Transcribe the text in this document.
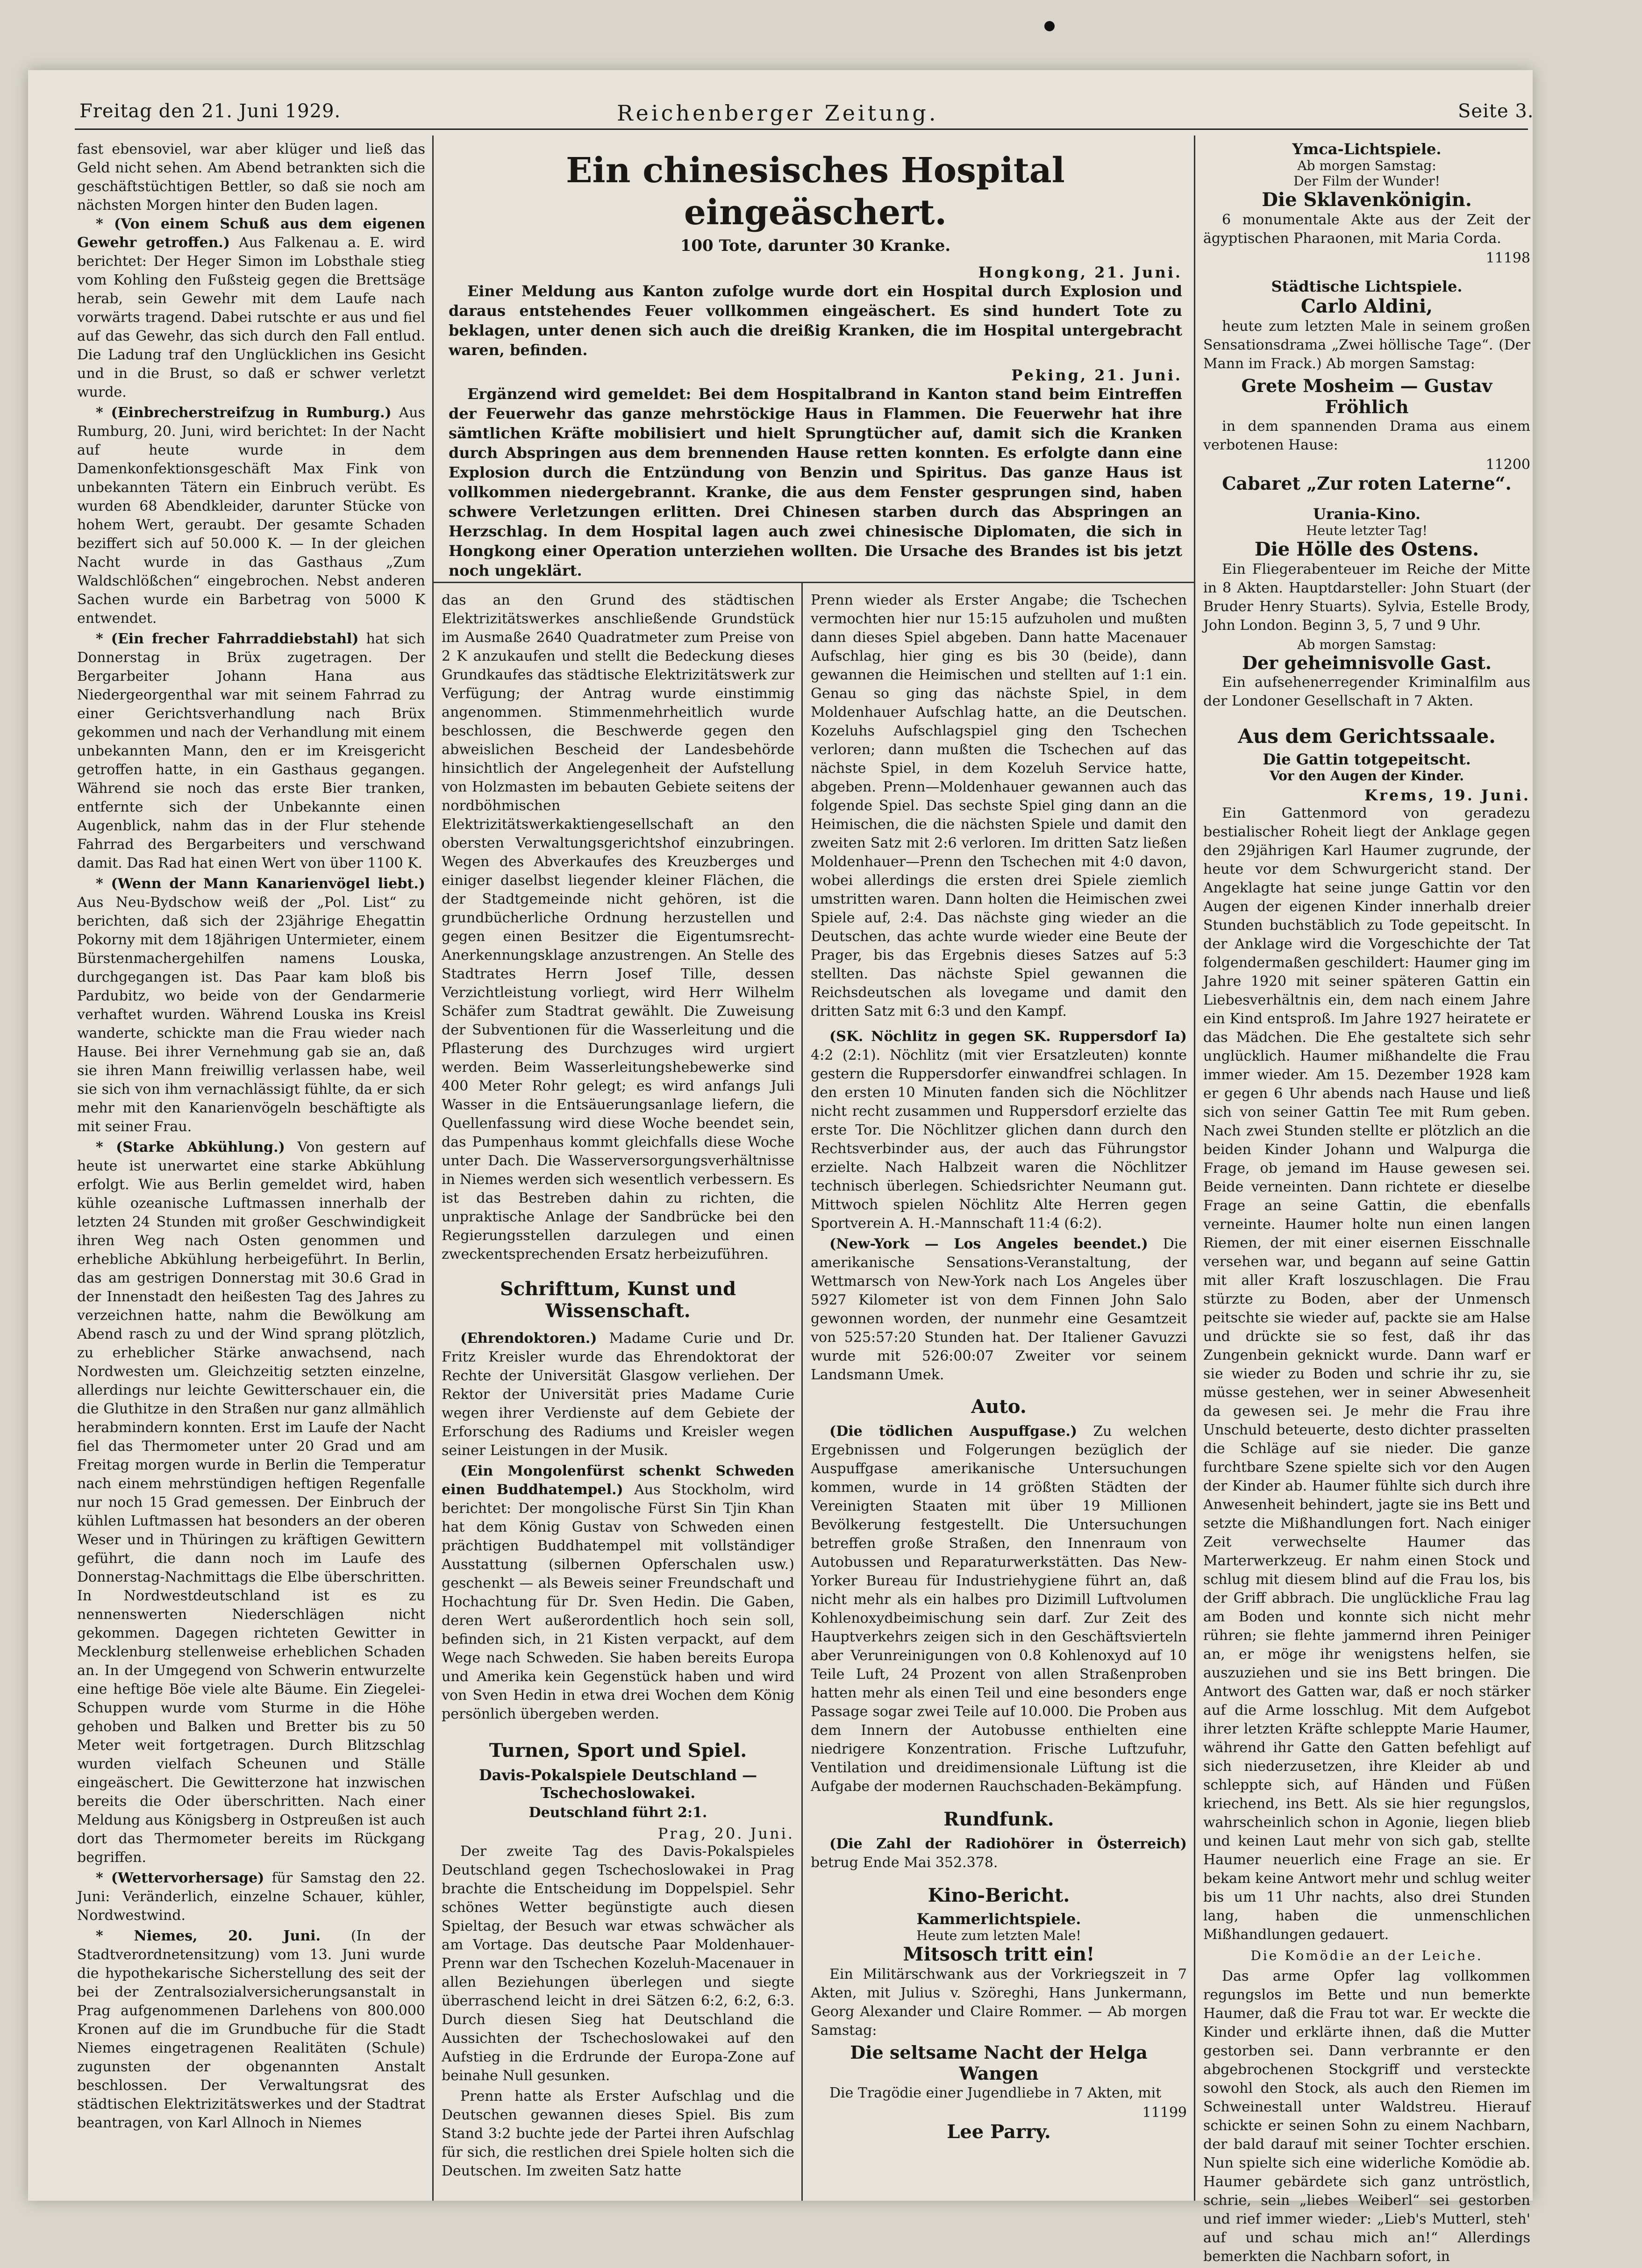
Freitag den 21. Juni 1929.	Reichenberger Zeitung.	Seite 3.

fast ebensoviel, war aber klüger und ließ das Geld nicht sehen. Am Abend betrankten sich die geschäftstüchtigen Bettler, so daß sie noch am nächsten Morgen hinter den Buden lagen.

* (Von einem Schuß aus dem eigenen Gewehr getroffen.) Aus Falkenau a. E. wird berichtet: Der Heger Simon im Lobsthale stieg vom Kohling den Fußsteig gegen die Brettsäge herab, sein Gewehr mit dem Laufe nach vorwärts tragend. Dabei rutschte er aus und fiel auf das Gewehr, das sich durch den Fall entlud. Die Ladung traf den Unglücklichen ins Gesicht und in die Brust, so daß er schwer verletzt wurde.

* (Einbrecherstreifzug in Rumburg.) Aus Rumburg, 20. Juni, wird berichtet: In der Nacht auf heute wurde in dem Damenkonfektionsgeschäft Max Fink von unbekannten Tätern ein Einbruch verübt. Es wurden 68 Abendkleider, darunter Stücke von hohem Wert, geraubt. Der gesamte Schaden beziffert sich auf 50.000 K. — In der gleichen Nacht wurde in das Gasthaus „Zum Waldschlößchen“ eingebrochen. Nebst anderen Sachen wurde ein Barbetrag von 5000 K entwendet.

* (Ein frecher Fahrraddiebstahl) hat sich Donnerstag in Brüx zugetragen. Der Bergarbeiter Johann Hana aus Niedergeorgenthal war mit seinem Fahrrad zu einer Gerichtsverhandlung nach Brüx gekommen und nach der Verhandlung mit einem unbekannten Mann, den er im Kreisgericht getroffen hatte, in ein Gasthaus gegangen. Während sie noch das erste Bier tranken, entfernte sich der Unbekannte einen Augenblick, nahm das in der Flur stehende Fahrrad des Bergarbeiters und verschwand damit. Das Rad hat einen Wert von über 1100 K.

* (Wenn der Mann Kanarienvögel liebt.) Aus Neu-Bydschow weiß der „Pol. List“ zu berichten, daß sich der 23jährige Ehegattin Pokorny mit dem 18jährigen Untermieter, einem Bürstenmachergehilfen namens Louska, durchgegangen ist. Das Paar kam bloß bis Pardubitz, wo beide von der Gendarmerie verhaftet wurden. Während Louska ins Kreisl wanderte, schickte man die Frau wieder nach Hause. Bei ihrer Vernehmung gab sie an, daß sie ihren Mann freiwillig verlassen habe, weil sie sich von ihm vernachlässigt fühlte, da er sich mehr mit den Kanarienvögeln beschäftigte als mit seiner Frau.

* (Starke Abkühlung.) Von gestern auf heute ist unerwartet eine starke Abkühlung erfolgt. Wie aus Berlin gemeldet wird, haben kühle ozeanische Luftmassen innerhalb der letzten 24 Stunden mit großer Geschwindigkeit ihren Weg nach Osten genommen und erhebliche Abkühlung herbeigeführt. In Berlin, das am gestrigen Donnerstag mit 30.6 Grad in der Innenstadt den heißesten Tag des Jahres zu verzeichnen hatte, nahm die Bewölkung am Abend rasch zu und der Wind sprang plötzlich, zu erheblicher Stärke anwachsend, nach Nordwesten um. Gleichzeitig setzten einzelne, allerdings nur leichte Gewitterschauer ein, die die Gluthitze in den Straßen nur ganz allmählich herabmindern konnten. Erst im Laufe der Nacht fiel das Thermometer unter 20 Grad und am Freitag morgen wurde in Berlin die Temperatur nach einem mehrstündigen heftigen Regenfalle nur noch 15 Grad gemessen. Der Einbruch der kühlen Luftmassen hat besonders an der oberen Weser und in Thüringen zu kräftigen Gewittern geführt, die dann noch im Laufe des Donnerstag-Nachmittags die Elbe überschritten. In Nordwestdeutschland ist es zu nennenswerten Niederschlägen nicht gekommen. Dagegen richteten Gewitter in Mecklenburg stellenweise erheblichen Schaden an. In der Umgegend von Schwerin entwurzelte eine heftige Böe viele alte Bäume. Ein Ziegelei-Schuppen wurde vom Sturme in die Höhe gehoben und Balken und Bretter bis zu 50 Meter weit fortgetragen. Durch Blitzschlag wurden vielfach Scheunen und Ställe eingeäschert. Die Gewitterzone hat inzwischen bereits die Oder überschritten. Nach einer Meldung aus Königsberg in Ostpreußen ist auch dort das Thermometer bereits im Rückgang begriffen.

* (Wettervorhersage) für Samstag den 22. Juni: Veränderlich, einzelne Schauer, kühler, Nordwestwind.

* Niemes, 20. Juni. (In der Stadtverordnetensitzung) vom 13. Juni wurde die hypothekarische Sicherstellung des seit der bei der Zentralsozialversicherungsanstalt in Prag aufgenommenen Darlehens von 800.000 Kronen auf die im Grundbuche für die Stadt Niemes eingetragenen Realitäten (Schule) zugunsten der obgenannten Anstalt beschlossen. Der Verwaltungsrat des städtischen Elektrizitätswerkes und der Stadtrat beantragen, von Karl Allnoch in Niemes

Ein chinesisches Hospital eingeäschert.
100 Tote, darunter 30 Kranke.
Hongkong, 21. Juni.

Einer Meldung aus Kanton zufolge wurde dort ein Hospital durch Explosion und daraus entstehendes Feuer vollkommen eingeäschert. Es sind hundert Tote zu beklagen, unter denen sich auch die dreißig Kranken, die im Hospital untergebracht waren, befinden.

Peking, 21. Juni.

Ergänzend wird gemeldet: Bei dem Hospitalbrand in Kanton stand beim Eintreffen der Feuerwehr das ganze mehrstöckige Haus in Flammen. Die Feuerwehr hat ihre sämtlichen Kräfte mobilisiert und hielt Sprungtücher auf, damit sich die Kranken durch Abspringen aus dem brennenden Hause retten konnten. Es erfolgte dann eine Explosion durch die Entzündung von Benzin und Spiritus. Das ganze Haus ist vollkommen niedergebrannt. Kranke, die aus dem Fenster gesprungen sind, haben schwere Verletzungen erlitten. Drei Chinesen starben durch das Abspringen an Herzschlag. In dem Hospital lagen auch zwei chinesische Diplomaten, die sich in Hongkong einer Operation unterziehen wollten. Die Ursache des Brandes ist bis jetzt noch ungeklärt.

das an den Grund des städtischen Elektrizitätswerkes anschließende Grundstück im Ausmaße 2640 Quadratmeter zum Preise von 2 K anzukaufen und stellt die Bedeckung dieses Grundkaufes das städtische Elektrizitätswerk zur Verfügung; der Antrag wurde einstimmig angenommen. Stimmenmehrheitlich wurde beschlossen, die Beschwerde gegen den abweislichen Bescheid der Landesbehörde hinsichtlich der Angelegenheit der Aufstellung von Holzmasten im bebauten Gebiete seitens der nordböhmischen Elektrizitätswerkaktiengesellschaft an den obersten Verwaltungsgerichtshof einzubringen. Wegen des Abverkaufes des Kreuzberges und einiger daselbst liegender kleiner Flächen, die der Stadtgemeinde nicht gehören, ist die grundbücherliche Ordnung herzustellen und gegen einen Besitzer die Eigentumsrecht-Anerkennungsklage anzustrengen. An Stelle des Stadtrates Herrn Josef Tille, dessen Verzichtleistung vorliegt, wird Herr Wilhelm Schäfer zum Stadtrat gewählt. Die Zuweisung der Subventionen für die Wasserleitung und die Pflasterung des Durchzuges wird urgiert werden. Beim Wasserleitungshebewerke sind 400 Meter Rohr gelegt; es wird anfangs Juli Wasser in die Entsäuerungsanlage liefern, die Quellenfassung wird diese Woche beendet sein, das Pumpenhaus kommt gleichfalls diese Woche unter Dach. Die Wasserversorgungsverhältnisse in Niemes werden sich wesentlich verbessern. Es ist das Bestreben dahin zu richten, die unpraktische Anlage der Sandbrücke bei den Regierungsstellen darzulegen und einen zweckentsprechenden Ersatz herbeizuführen.

Schrifttum, Kunst und Wissenschaft.

(Ehrendoktoren.) Madame Curie und Dr. Fritz Kreisler wurde das Ehrendoktorat der Rechte der Universität Glasgow verliehen. Der Rektor der Universität pries Madame Curie wegen ihrer Verdienste auf dem Gebiete der Erforschung des Radiums und Kreisler wegen seiner Leistungen in der Musik.

(Ein Mongolenfürst schenkt Schweden einen Buddhatempel.) Aus Stockholm, wird berichtet: Der mongolische Fürst Sin Tjin Khan hat dem König Gustav von Schweden einen prächtigen Buddhatempel mit vollständiger Ausstattung (silbernen Opferschalen usw.) geschenkt — als Beweis seiner Freundschaft und Hochachtung für Dr. Sven Hedin. Die Gaben, deren Wert außerordentlich hoch sein soll, befinden sich, in 21 Kisten verpackt, auf dem Wege nach Schweden. Sie haben bereits Europa und Amerika kein Gegenstück haben und wird von Sven Hedin in etwa drei Wochen dem König persönlich übergeben werden.

Turnen, Sport und Spiel.
Davis-Pokalspiele Deutschland — Tschechoslowakei.
Deutschland führt 2:1.
Prag, 20. Juni.

Der zweite Tag des Davis-Pokalspieles Deutschland gegen Tschechoslowakei in Prag brachte die Entscheidung im Doppelspiel. Sehr schönes Wetter begünstigte auch diesen Spieltag, der Besuch war etwas schwächer als am Vortage. Das deutsche Paar Moldenhauer-Prenn war den Tschechen Kozeluh-Macenauer in allen Beziehungen überlegen und siegte überraschend leicht in drei Sätzen 6:2, 6:2, 6:3. Durch diesen Sieg hat Deutschland die Aussichten der Tschechoslowakei auf den Aufstieg in die Erdrunde der Europa-Zone auf beinahe Null gesunken.

Prenn hatte als Erster Aufschlag und die Deutschen gewannen dieses Spiel. Bis zum Stand 3:2 buchte jede der Partei ihren Aufschlag für sich, die restlichen drei Spiele holten sich die Deutschen. Im zweiten Satz hatte

Prenn wieder als Erster Angabe; die Tschechen vermochten hier nur 15:15 aufzuholen und mußten dann dieses Spiel abgeben. Dann hatte Macenauer Aufschlag, hier ging es bis 30 (beide), dann gewannen die Heimischen und stellten auf 1:1 ein. Genau so ging das nächste Spiel, in dem Moldenhauer Aufschlag hatte, an die Deutschen. Kozeluhs Aufschlagspiel ging den Tschechen verloren; dann mußten die Tschechen auf das nächste Spiel, in dem Kozeluh Service hatte, abgeben. Prenn—Moldenhauer gewannen auch das folgende Spiel. Das sechste Spiel ging dann an die Heimischen, die die nächsten Spiele und damit den zweiten Satz mit 2:6 verloren. Im dritten Satz ließen Moldenhauer—Prenn den Tschechen mit 4:0 davon, wobei allerdings die ersten drei Spiele ziemlich umstritten waren. Dann holten die Heimischen zwei Spiele auf, 2:4. Das nächste ging wieder an die Deutschen, das achte wurde wieder eine Beute der Prager, bis das Ergebnis dieses Satzes auf 5:3 stellten. Das nächste Spiel gewannen die Reichsdeutschen als lovegame und damit den dritten Satz mit 6:3 und den Kampf.

(SK. Nöchlitz in gegen SK. Ruppersdorf Ia) 4:2 (2:1). Nöchlitz (mit vier Ersatzleuten) konnte gestern die Ruppersdorfer einwandfrei schlagen. In den ersten 10 Minuten fanden sich die Nöchlitzer nicht recht zusammen und Ruppersdorf erzielte das erste Tor. Die Nöchlitzer glichen dann durch den Rechtsverbinder aus, der auch das Führungstor erzielte. Nach Halbzeit waren die Nöchlitzer technisch überlegen. Schiedsrichter Neumann gut. Mittwoch spielen Nöchlitz Alte Herren gegen Sportverein A. H.-Mannschaft 11:4 (6:2).

(New-York — Los Angeles beendet.) Die amerikanische Sensations-Veranstaltung, der Wettmarsch von New-York nach Los Angeles über 5927 Kilometer ist von dem Finnen John Salo gewonnen worden, der nunmehr eine Gesamtzeit von 525:57:20 Stunden hat. Der Italiener Gavuzzi wurde mit 526:00:07 Zweiter vor seinem Landsmann Umek.

Auto.

(Die tödlichen Auspuffgase.) Zu welchen Ergebnissen und Folgerungen bezüglich der Auspuffgase amerikanische Untersuchungen kommen, wurde in 14 größten Städten der Vereinigten Staaten mit über 19 Millionen Bevölkerung festgestellt. Die Untersuchungen betreffen große Straßen, den Innenraum von Autobussen und Reparaturwerkstätten. Das New-Yorker Bureau für Industriehygiene führt an, daß nicht mehr als ein halbes pro Dizimill Luftvolumen Kohlenoxydbeimischung sein darf. Zur Zeit des Hauptverkehrs zeigen sich in den Geschäftsvierteln aber Verunreinigungen von 0.8 Kohlenoxyd auf 10 Teile Luft, 24 Prozent von allen Straßenproben hatten mehr als einen Teil und eine besonders enge Passage sogar zwei Teile auf 10.000. Die Proben aus dem Innern der Autobusse enthielten eine niedrigere Konzentration. Frische Luftzufuhr, Ventilation und dreidimensionale Lüftung ist die Aufgabe der modernen Rauchschaden-Bekämpfung.

Rundfunk.

(Die Zahl der Radiohörer in Österreich) betrug Ende Mai 352.378.

Kino-Bericht.
Kammerlichtspiele.
Heute zum letzten Male!
Mitsosch tritt ein!

Ein Militärschwank aus der Vorkriegszeit in 7 Akten, mit Julius v. Szöreghi, Hans Junkermann, Georg Alexander und Claire Rommer. — Ab morgen Samstag:

Die seltsame Nacht der Helga Wangen

Die Tragödie einer Jugendliebe in 7 Akten, mit

11199
Lee Parry.
Ymca-Lichtspiele.
Ab morgen Samstag:
Der Film der Wunder!
Die Sklavenkönigin.

6 monumentale Akte aus der Zeit der ägyptischen Pharaonen, mit Maria Corda.

11198
Städtische Lichtspiele.
Carlo Aldini,

heute zum letzten Male in seinem großen Sensationsdrama „Zwei höllische Tage“. (Der Mann im Frack.) Ab morgen Samstag:

Grete Mosheim — Gustav Fröhlich

in dem spannenden Drama aus einem verbotenen Hause:

11200
Cabaret „Zur roten Laterne“.
Urania-Kino.
Heute letzter Tag!
Die Hölle des Ostens.

Ein Fliegerabenteuer im Reiche der Mitte in 8 Akten. Hauptdarsteller: John Stuart (der Bruder Henry Stuarts). Sylvia, Estelle Brody, John London. Beginn 3, 5, 7 und 9 Uhr.

Ab morgen Samstag:
Der geheimnisvolle Gast.

Ein aufsehenerregender Kriminalfilm aus der Londoner Gesellschaft in 7 Akten.

Aus dem Gerichtssaale.
Die Gattin totgepeitscht.
Vor den Augen der Kinder.
Krems, 19. Juni.

Ein Gattenmord von geradezu bestialischer Roheit liegt der Anklage gegen den 29jährigen Karl Haumer zugrunde, der heute vor dem Schwurgericht stand. Der Angeklagte hat seine junge Gattin vor den Augen der eigenen Kinder innerhalb dreier Stunden buchstäblich zu Tode gepeitscht. In der Anklage wird die Vorgeschichte der Tat folgendermaßen geschildert: Haumer ging im Jahre 1920 mit seiner späteren Gattin ein Liebesverhältnis ein, dem nach einem Jahre ein Kind entsproß. Im Jahre 1927 heiratete er das Mädchen. Die Ehe gestaltete sich sehr unglücklich. Haumer mißhandelte die Frau immer wieder. Am 15. Dezember 1928 kam er gegen 6 Uhr abends nach Hause und ließ sich von seiner Gattin Tee mit Rum geben. Nach zwei Stunden stellte er plötzlich an die beiden Kinder Johann und Walpurga die Frage, ob jemand im Hause gewesen sei. Beide verneinten. Dann richtete er dieselbe Frage an seine Gattin, die ebenfalls verneinte. Haumer holte nun einen langen Riemen, der mit einer eisernen Eisschnalle versehen war, und begann auf seine Gattin mit aller Kraft loszuschlagen. Die Frau stürzte zu Boden, aber der Unmensch peitschte sie wieder auf, packte sie am Halse und drückte sie so fest, daß ihr das Zungenbein geknickt wurde. Dann warf er sie wieder zu Boden und schrie ihr zu, sie müsse gestehen, wer in seiner Abwesenheit da gewesen sei. Je mehr die Frau ihre Unschuld beteuerte, desto dichter prasselten die Schläge auf sie nieder. Die ganze furchtbare Szene spielte sich vor den Augen der Kinder ab. Haumer fühlte sich durch ihre Anwesenheit behindert, jagte sie ins Bett und setzte die Mißhandlungen fort. Nach einiger Zeit verwechselte Haumer das Marterwerkzeug. Er nahm einen Stock und schlug mit diesem blind auf die Frau los, bis der Griff abbrach. Die unglückliche Frau lag am Boden und konnte sich nicht mehr rühren; sie flehte jammernd ihren Peiniger an, er möge ihr wenigstens helfen, sie auszuziehen und sie ins Bett bringen. Die Antwort des Gatten war, daß er noch stärker auf die Arme losschlug. Mit dem Aufgebot ihrer letzten Kräfte schleppte Marie Haumer, während ihr Gatte den Gatten befehligt auf sich niederzusetzen, ihre Kleider ab und schleppte sich, auf Händen und Füßen kriechend, ins Bett. Als sie hier regungslos, wahrscheinlich schon in Agonie, liegen blieb und keinen Laut mehr von sich gab, stellte Haumer neuerlich eine Frage an sie. Er bekam keine Antwort mehr und schlug weiter bis um 11 Uhr nachts, also drei Stunden lang, haben die unmenschlichen Mißhandlungen gedauert.

Die Komödie an der Leiche.

Das arme Opfer lag vollkommen regungslos im Bette und nun bemerkte Haumer, daß die Frau tot war. Er weckte die Kinder und erklärte ihnen, daß die Mutter gestorben sei. Dann verbrannte er den abgebrochenen Stockgriff und versteckte sowohl den Stock, als auch den Riemen im Schweinestall unter Waldstreu. Hierauf schickte er seinen Sohn zu einem Nachbarn, der bald darauf mit seiner Tochter erschien. Nun spielte sich eine widerliche Komödie ab. Haumer gebärdete sich ganz untröstlich, schrie, sein „liebes Weiberl“ sei gestorben und rief immer wieder: „Lieb's Mutterl, steh' auf und schau mich an!“ Allerdings bemerkten die Nachbarn sofort, in
